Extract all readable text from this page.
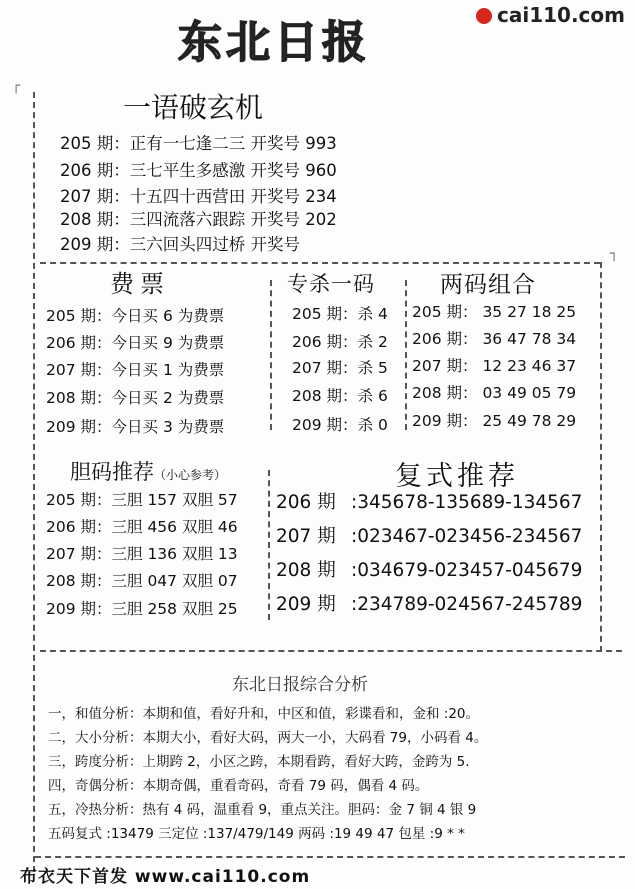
东北日报
cai110.com
┌
┐
一语破玄机
205 期：正有一七逢二三 开奖号 993
206 期：三七平生多感激 开奖号 960
207 期：十五四十西营田 开奖号 234
208 期：三四流落六跟踪 开奖号 202
209 期：三六回头四过桥 开奖号
费票
205 期：今日买 6 为费票
206 期：今日买 9 为费票
207 期：今日买 1 为费票
208 期：今日买 2 为费票
209 期：今日买 3 为费票
专杀一码
205 期：杀 4
206 期：杀 2
207 期：杀 5
208 期：杀 6
209 期：杀 0
两码组合
205 期： 35 27 18 25
206 期： 36 47 78 34
207 期： 12 23 46 37
208 期： 03 49 05 79
209 期： 25 49 78 29
胆码推荐（小心参考）
205 期：三胆 157 双胆 57
206 期：三胆 456 双胆 46
207 期：三胆 136 双胆 13
208 期：三胆 047 双胆 07
209 期：三胆 258 双胆 25
复式推荐
206 期 :345678-135689-134567
207 期 :023467-023456-234567
208 期 :034679-023457-045679
209 期 :234789-024567-245789
东北日报综合分析
一，和值分析：本期和值，看好升和，中区和值，彩谍看和，金和 :20。
二，大小分析：本期大小，看好大码，两大一小，大码看 79，小码看 4。
三，跨度分析：上期跨 2，小区之跨，本期看跨，看好大跨，金跨为 5.
四，奇偶分析：本期奇偶，重看奇码，奇看 79 码，偶看 4 码。
五，冷热分析：热有 4 码，温重看 9，重点关注。胆码：金 7 铜 4 银 9
五码复式 :13479 三定位 :137/479/149 两码 :19 49 47 包星 :9 * *
布衣天下首发 www.cai110.com
